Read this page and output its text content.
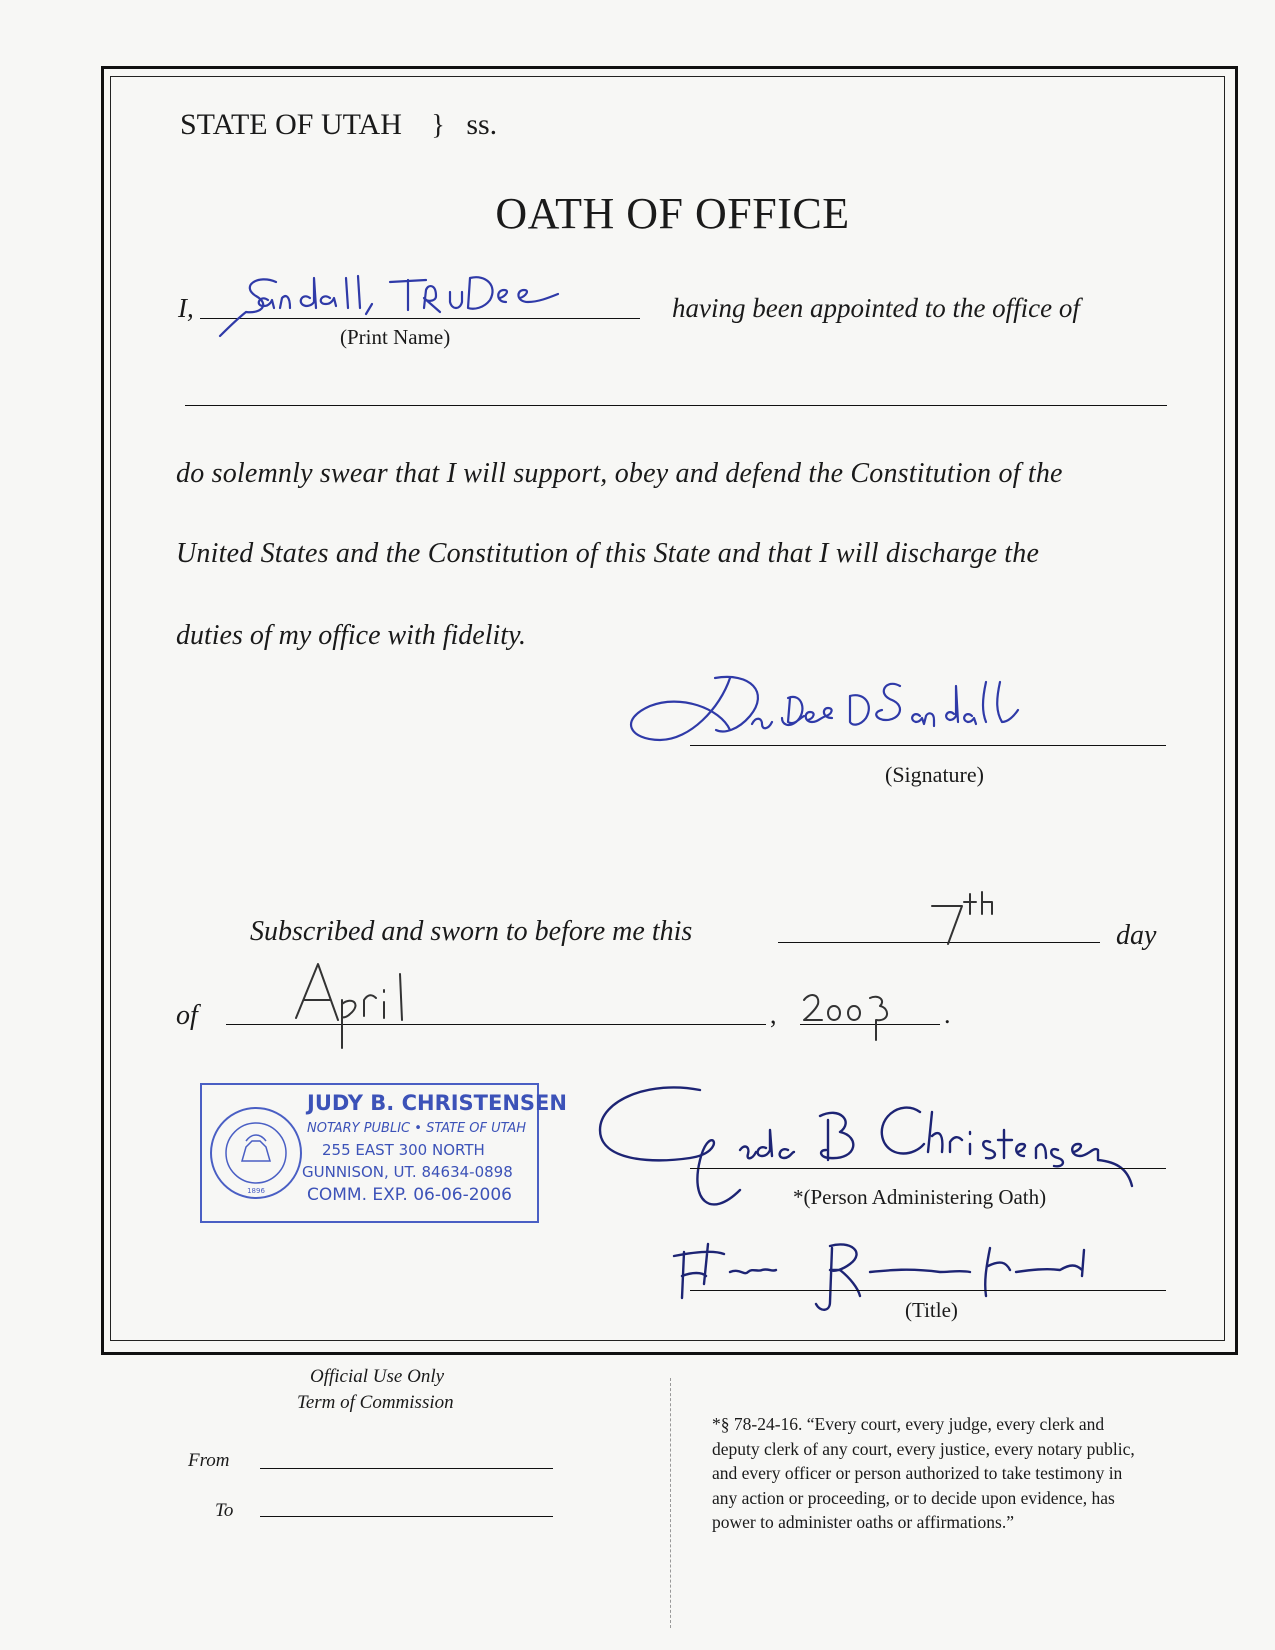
STATE OF UTAH } ss.
OATH OF OFFICE
I,
(Print Name)
having been appointed to the office of
do solemnly swear that I will support, obey and defend the Constitution of the
United States and the Constitution of this State and that I will discharge the
duties of my office with fidelity.
(Signature)
Subscribed and sworn to before me this	day
of	,	.
1896
JUDY B. CHRISTENSEN
NOTARY PUBLIC • STATE OF UTAH
255 EAST 300 NORTH
GUNNISON, UT. 84634-0898
COMM. EXP. 06-06-2006	*(Person Administering Oath)
(Title)
Official Use Only
Term of Commission
From
To
*§ 78-24-16. “Every court, every judge, every clerk and
deputy clerk of any court, every justice, every notary public,
and every officer or person authorized to take testimony in
any action or proceeding, or to decide upon evidence, has
power to administer oaths or affirmations.”
